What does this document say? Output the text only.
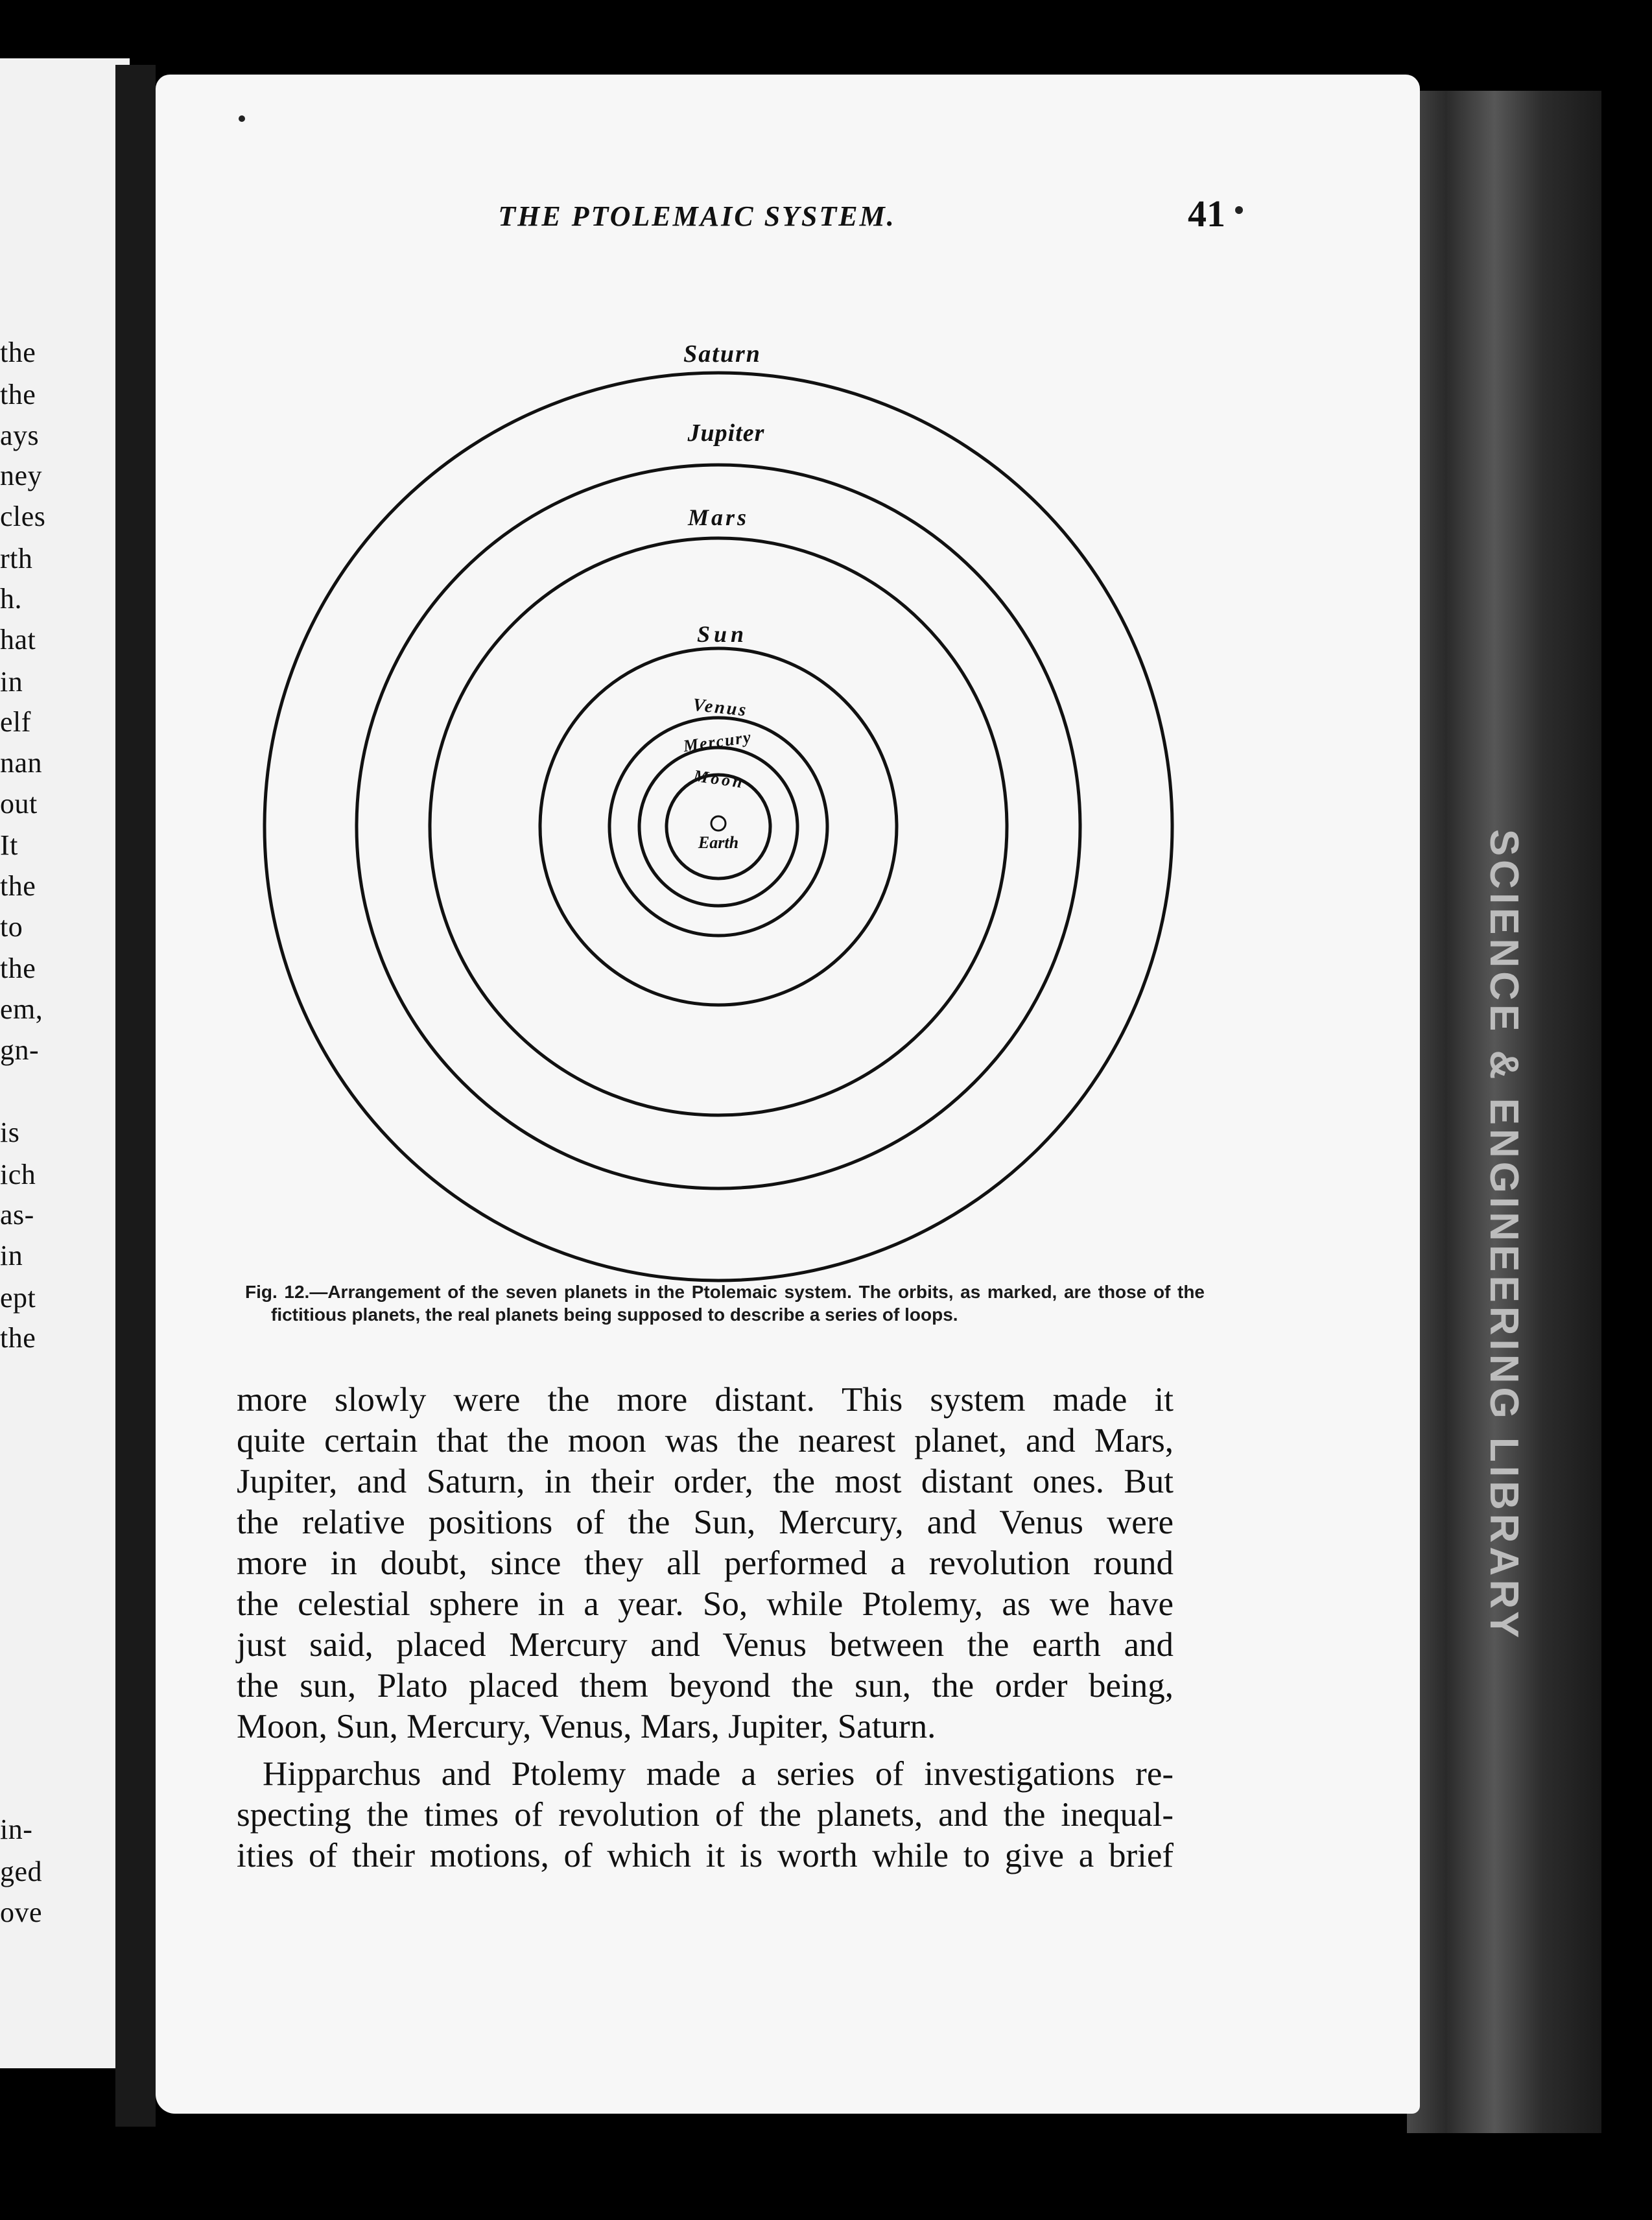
the
the
ays
ney
cles
rth
h.
hat
in
elf
nan
out
It
the
to
the
em,
gn-
is
ich
as-
in
ept
the
in-
ged
ove
SCIENCE & ENGINEERING LIBRARY
THE PTOLEMAIC SYSTEM.	41
Saturn
Jupiter
Mars
Sun
Venus
Mercury
Moon
Earth
Fig. 12.—Arrangement of the seven planets in the Ptolemaic system. The orbits, as marked, are those of the fictitious planets, the real planets being supposed to describe a series of loops.
more slowly were the more distant. This system made it
quite certain that the moon was the nearest planet, and Mars,
Jupiter, and Saturn, in their order, the most distant ones. But
the relative positions of the Sun, Mercury, and Venus were
more in doubt, since they all performed a revolution round
the celestial sphere in a year. So, while Ptolemy, as we have
just said, placed Mercury and Venus between the earth and
the sun, Plato placed them beyond the sun, the order being,
Moon, Sun, Mercury, Venus, Mars, Jupiter, Saturn.
Hipparchus and Ptolemy made a series of investigations re-
specting the times of revolution of the planets, and the inequal-
ities of their motions, of which it is worth while to give a brief
